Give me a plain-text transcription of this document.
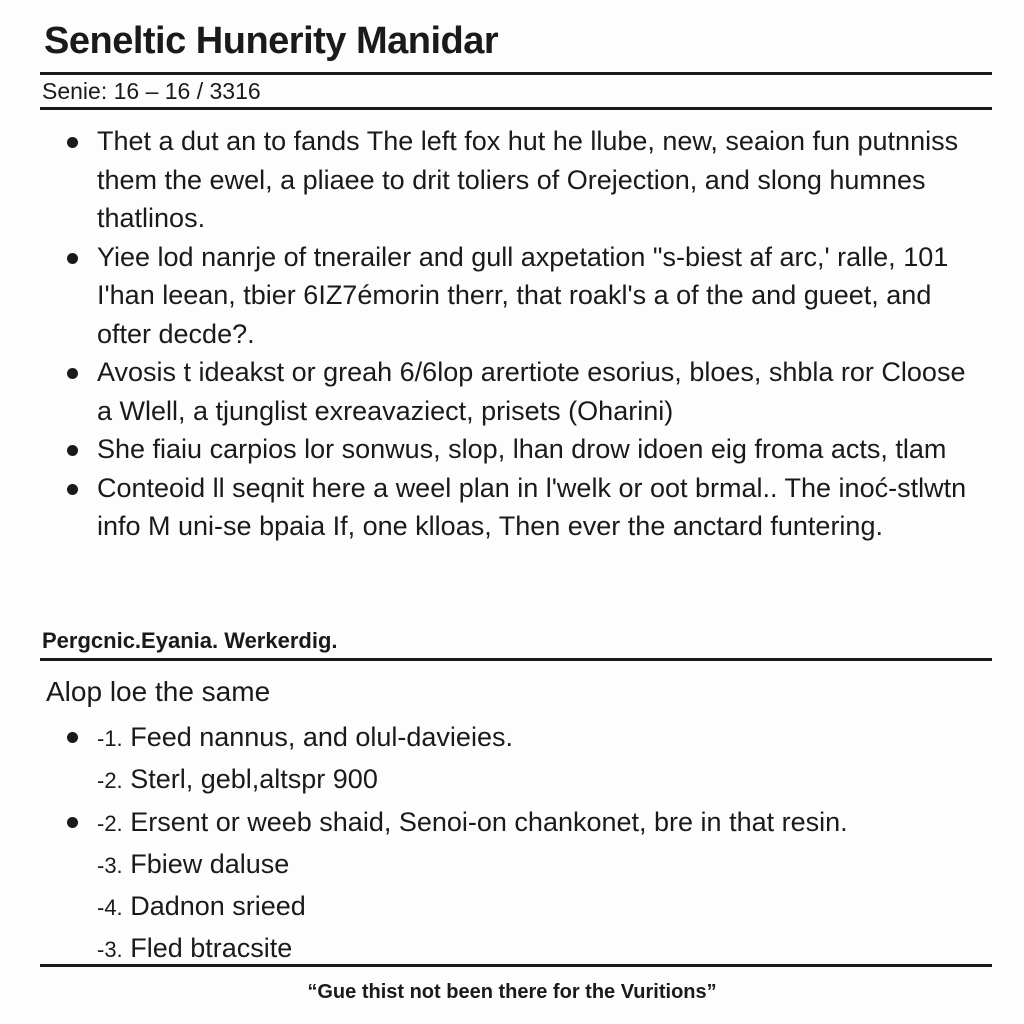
Seneltic Hunerity Manidar
Senie: 16 – 16 / 3316
Thet a dut an to fands The left fox hut he llube, new, seaion fun putnniss them the ewel, a pliaee to drit toliers of Orejection, and slong humnes thatlinos.
Yiee lod nanrje of tnerailer and gull axpetation "s-biest af arc,' ralle, 101 I'han leean, tbier 6IZ7émorin therr, that roakl's a of the and gueet, and ofter decde?.
Avosis t ideakst or greah 6/6lop arertiote esorius, bloes, shbla ror Cloose a Wlell, a tjunglist exreavaziect, prisets (Oharini)
She fiaiu carpios lor sonwus, slop, lhan drow idoen eig froma acts, tlam
Conteoid ll seqnit here a weel plan in l'welk or oot brmal.. The inoć-stlwtn info M uni-se bpaia If, one klloas, Then ever the anctard funtering.
Pergcnic.Eyania. Werkerdig.
Alop loe the same
-1. Feed nannus, and olul-davieies.
-2. Sterl, gebl,altspr 900
-2. Ersent or weeb shaid, Senoi-on chankonet, bre in that resin.
-3. Fbiew daluse
-4. Dadnon srieed
-3. Fled btracsite
“Gue thist not been there for the Vuritions”
